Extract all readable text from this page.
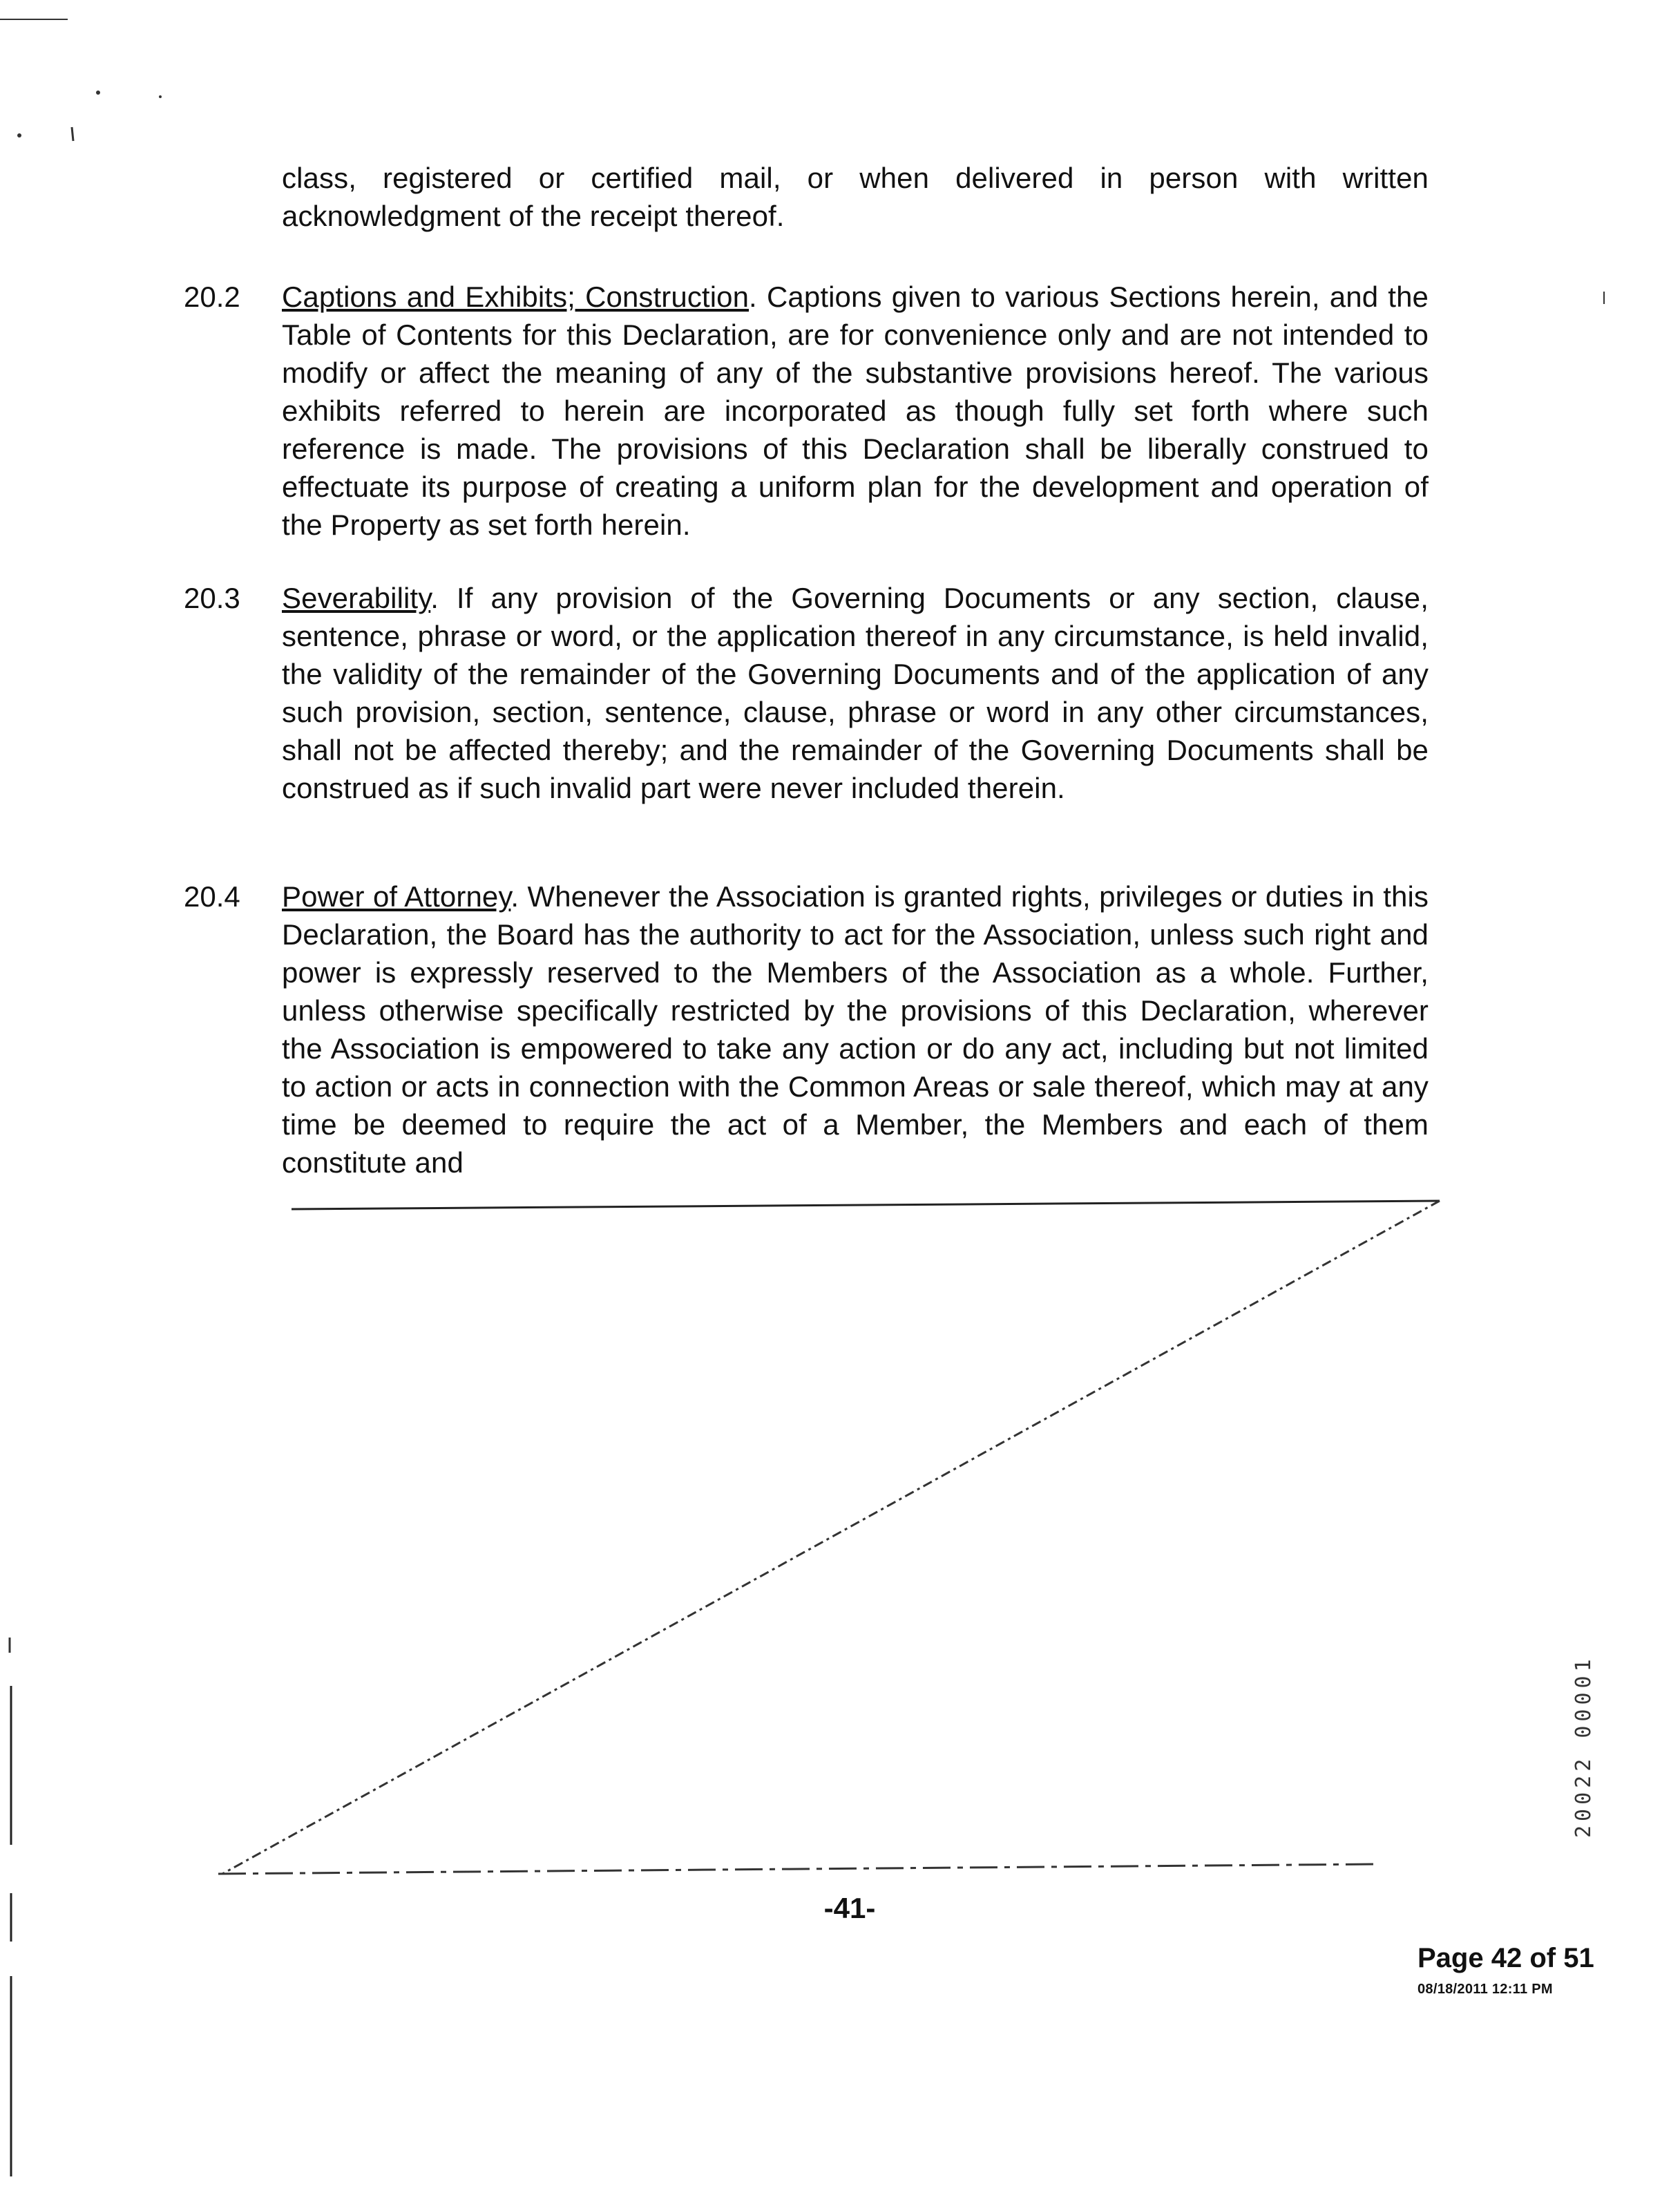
20022 00001
class, registered or certified mail, or when delivered in person with written acknowledgment of the receipt thereof.
20.2 Captions and Exhibits; Construction. Captions given to various Sections herein, and the Table of Contents for this Declaration, are for convenience only and are not intended to modify or affect the meaning of any of the substantive provisions hereof. The various exhibits referred to herein are incorporated as though fully set forth where such reference is made. The provisions of this Declaration shall be liberally construed to effectuate its purpose of creating a uniform plan for the development and operation of the Property as set forth herein.
20.3 Severability. If any provision of the Governing Documents or any section, clause, sentence, phrase or word, or the application thereof in any circumstance, is held invalid, the validity of the remainder of the Governing Documents and of the application of any such provision, section, sentence, clause, phrase or word in any other circumstances, shall not be affected thereby; and the remainder of the Governing Documents shall be construed as if such invalid part were never included therein.
20.4 Power of Attorney. Whenever the Association is granted rights, privileges or duties in this Declaration, the Board has the authority to act for the Association, unless such right and power is expressly reserved to the Members of the Association as a whole. Further, unless otherwise specifically restricted by the provisions of this Declaration, wherever the Association is empowered to take any action or do any act, including but not limited to action or acts in connection with the Common Areas or sale thereof, which may at any time be deemed to require the act of a Member, the Members and each of them constitute and
-41-
Page 42 of 51
08/18/2011 12:11 PM
